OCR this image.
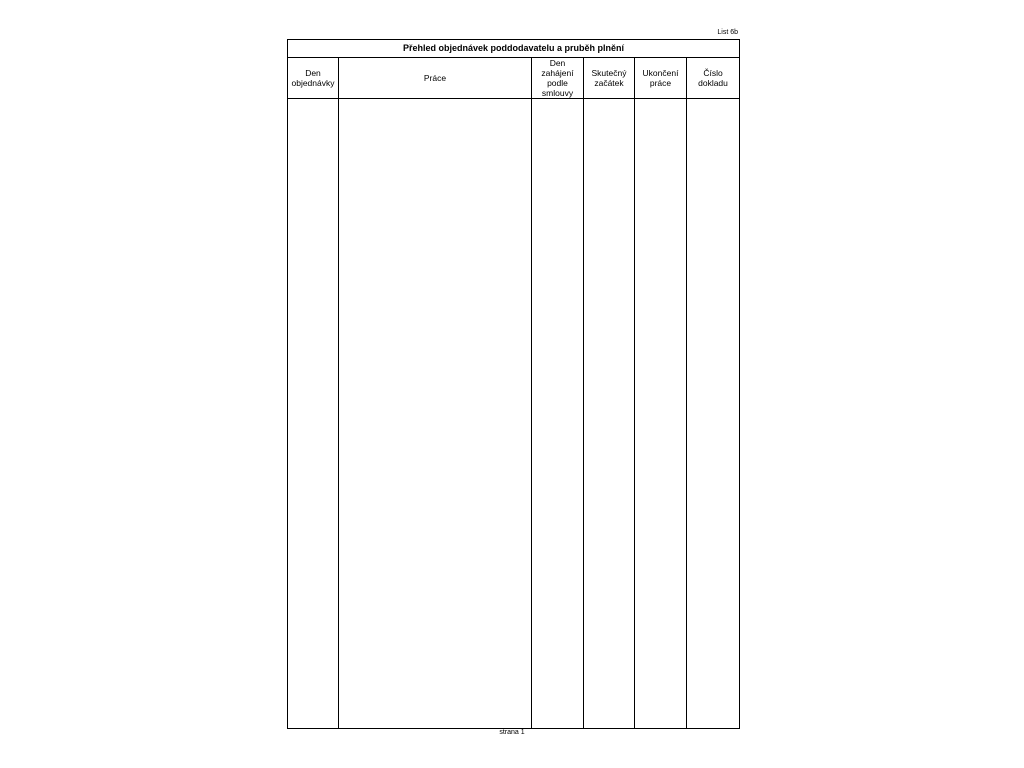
List 6b
Přehled objednávek poddodavatelu a pruběh plnění
Den
objednávky	Práce
Den
zahájení
podle
smlouvy
Skutečný
začátek
Ukončení
práce
Číslo
dokladu
strana 1
